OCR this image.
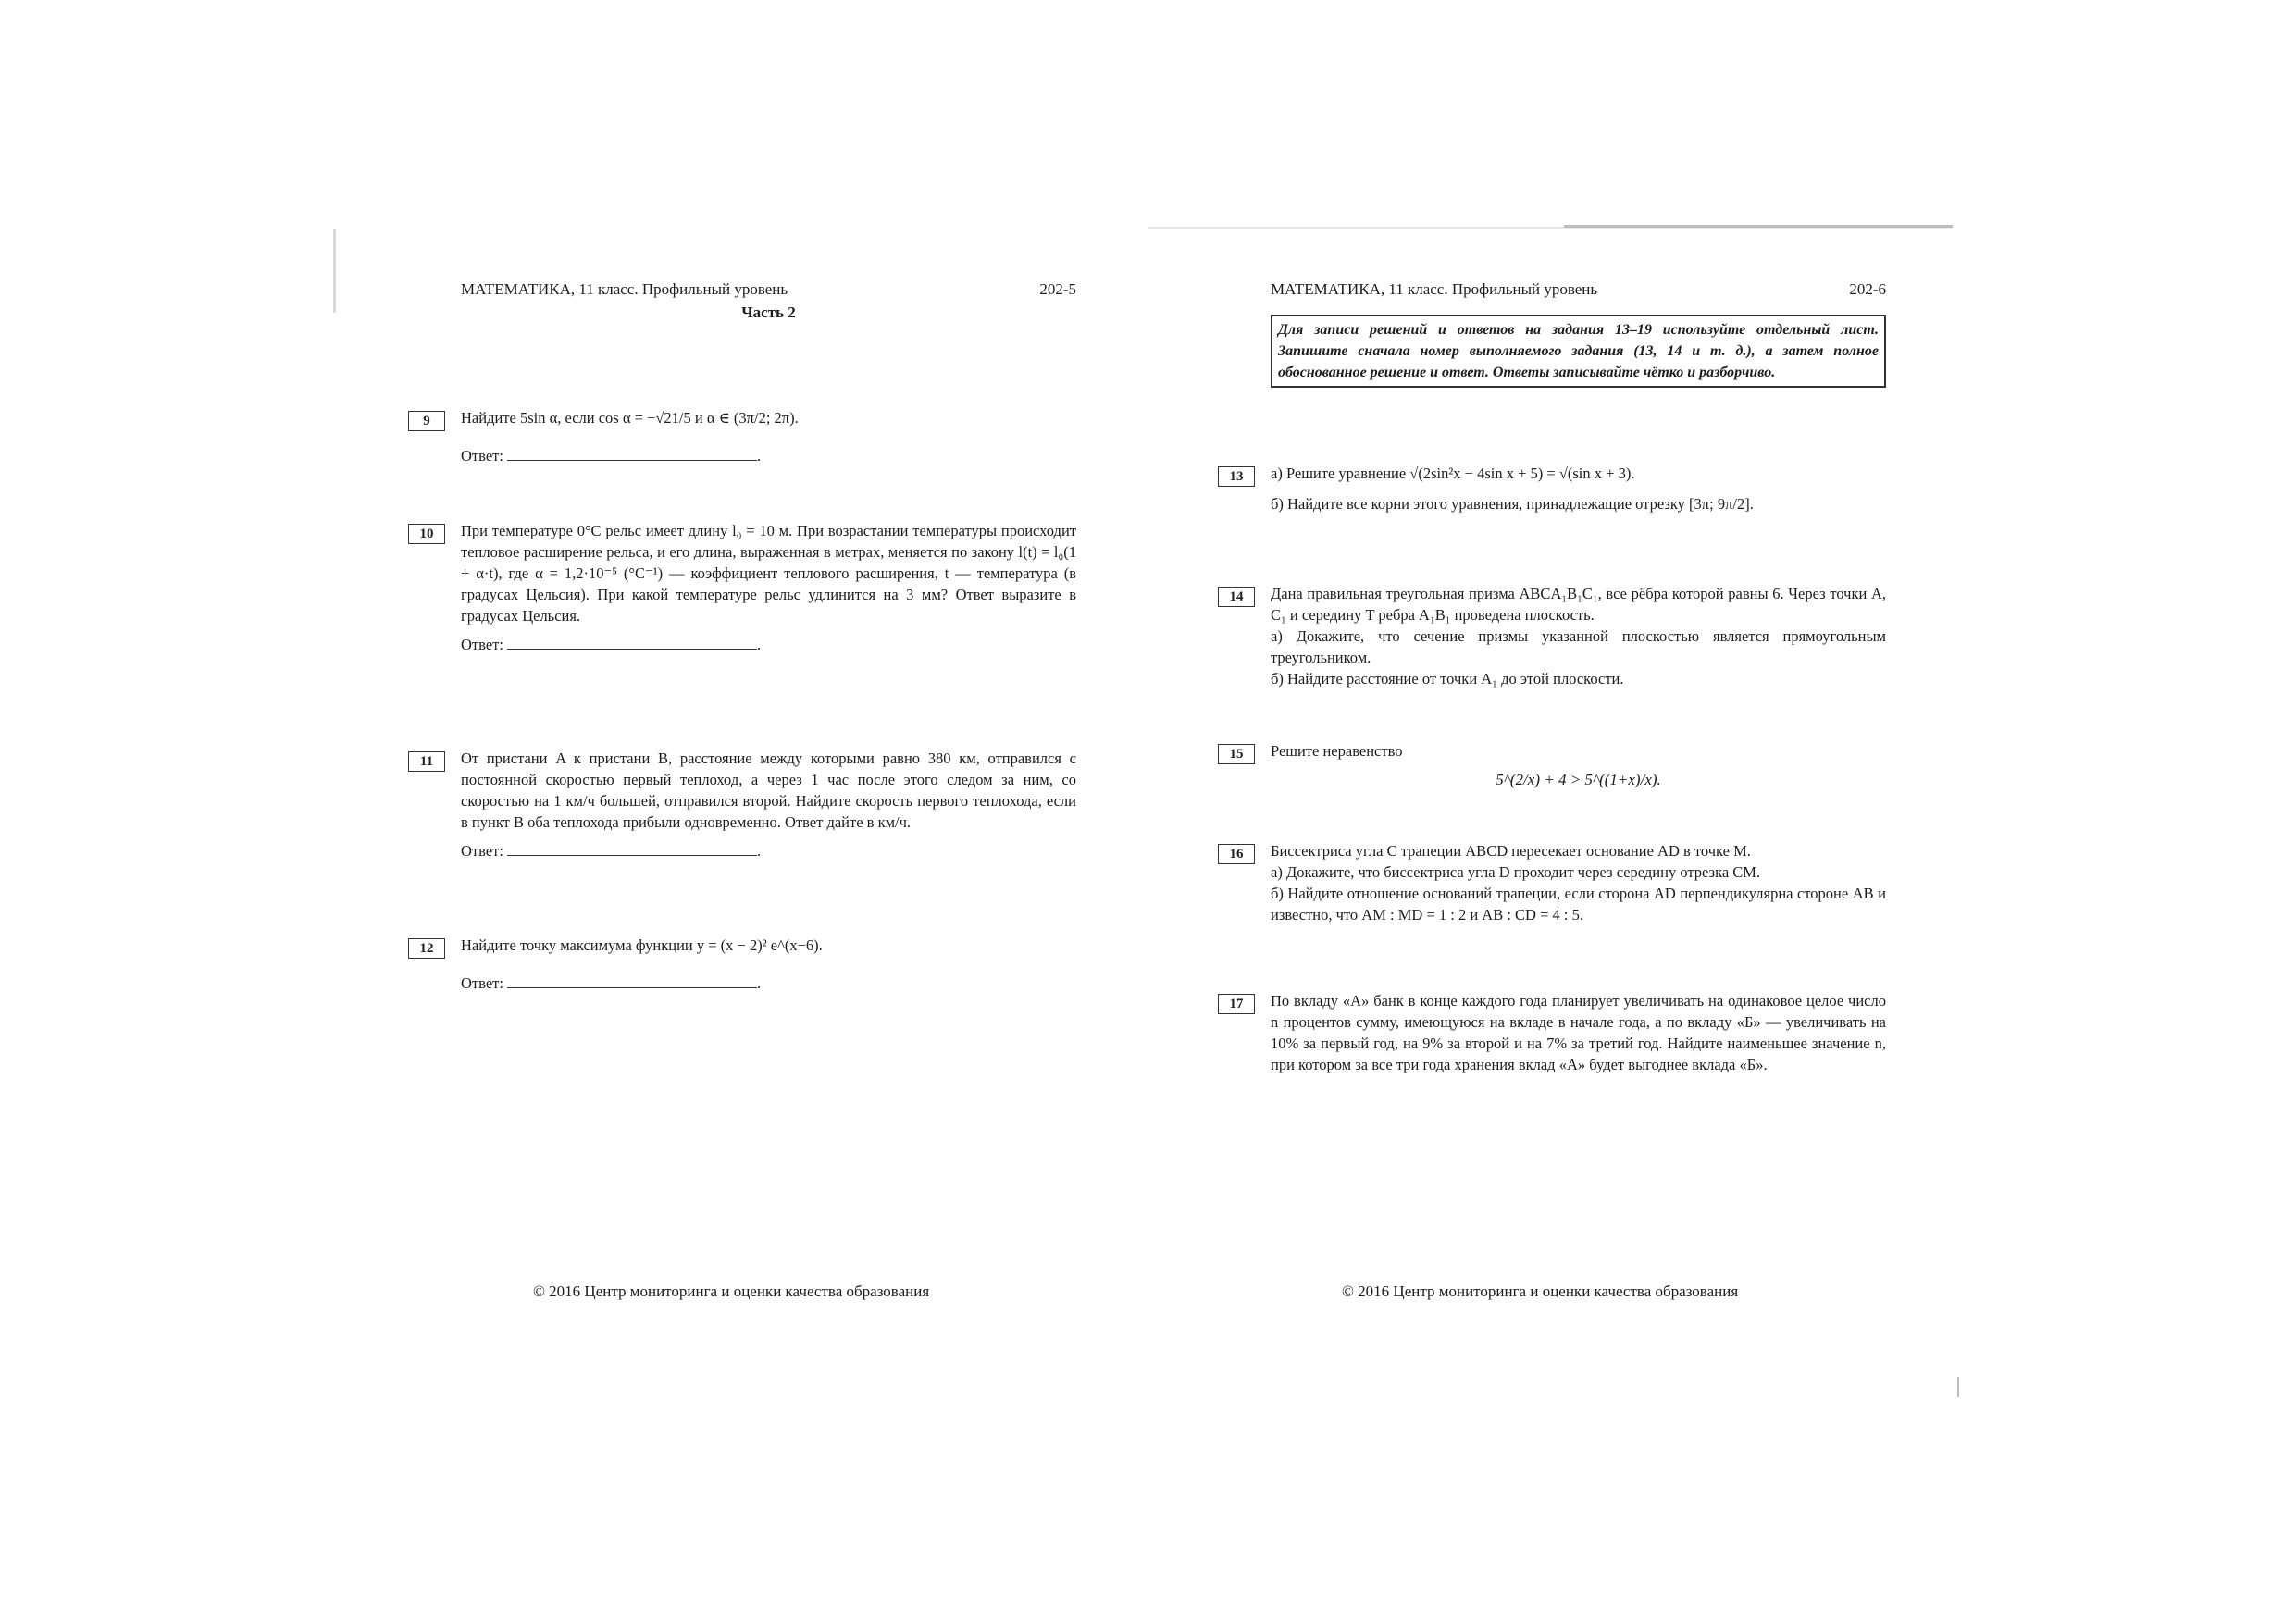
МАТЕМАТИКА, 11 класс. Профильный уровень	202-5
Часть 2
9	Найдите 5sin α, если cos α = −√21/5 и α ∈ (3π/2; 2π).
Ответ:	.
10	При температуре 0°C рельс имеет длину l₀ = 10 м. При возрастании температуры происходит тепловое расширение рельса, и его длина, выраженная в метрах, меняется по закону l(t) = l₀(1 + α·t), где α = 1,2·10⁻⁵ (°C⁻¹) — коэффициент теплового расширения, t — температура (в градусах Цельсия). При какой температуре рельс удлинится на 3 мм? Ответ выразите в градусах Цельсия.
Ответ:	.
11	От пристани A к пристани B, расстояние между которыми равно 380 км, отправился с постоянной скоростью первый теплоход, а через 1 час после этого следом за ним, со скоростью на 1 км/ч большей, отправился второй. Найдите скорость первого теплохода, если в пункт B оба теплохода прибыли одновременно. Ответ дайте в км/ч.
Ответ:	.
12	Найдите точку максимума функции y = (x − 2)² e^(x−6).
Ответ:	.
© 2016 Центр мониторинга и оценки качества образования
МАТЕМАТИКА, 11 класс. Профильный уровень	202-6
Для записи решений и ответов на задания 13–19 используйте отдельный лист. Запишите сначала номер выполняемого задания (13, 14 и т. д.), а затем полное обоснованное решение и ответ. Ответы записывайте чётко и разборчиво.
13	а) Решите уравнение √(2sin²x − 4sin x + 5) = √(sin x + 3).
б) Найдите все корни этого уравнения, принадлежащие отрезку [3π; 9π/2].
14	Дана правильная треугольная призма ABCA₁B₁C₁, все рёбра которой равны 6. Через точки A, C₁ и середину T ребра A₁B₁ проведена плоскость.
а) Докажите, что сечение призмы указанной плоскостью является прямоугольным треугольником.
б) Найдите расстояние от точки A₁ до этой плоскости.
15	Решите неравенство
5^(2/x) + 4 > 5^((1+x)/x).
16	Биссектриса угла C трапеции ABCD пересекает основание AD в точке M.
а) Докажите, что биссектриса угла D проходит через середину отрезка CM.
б) Найдите отношение оснований трапеции, если сторона AD перпендикулярна стороне AB и известно, что AM : MD = 1 : 2 и AB : CD = 4 : 5.
17	По вкладу «А» банк в конце каждого года планирует увеличивать на одинаковое целое число n процентов сумму, имеющуюся на вкладе в начале года, а по вкладу «Б» — увеличивать на 10% за первый год, на 9% за второй и на 7% за третий год. Найдите наименьшее значение n, при котором за все три года хранения вклад «А» будет выгоднее вклада «Б».
© 2016 Центр мониторинга и оценки качества образования
